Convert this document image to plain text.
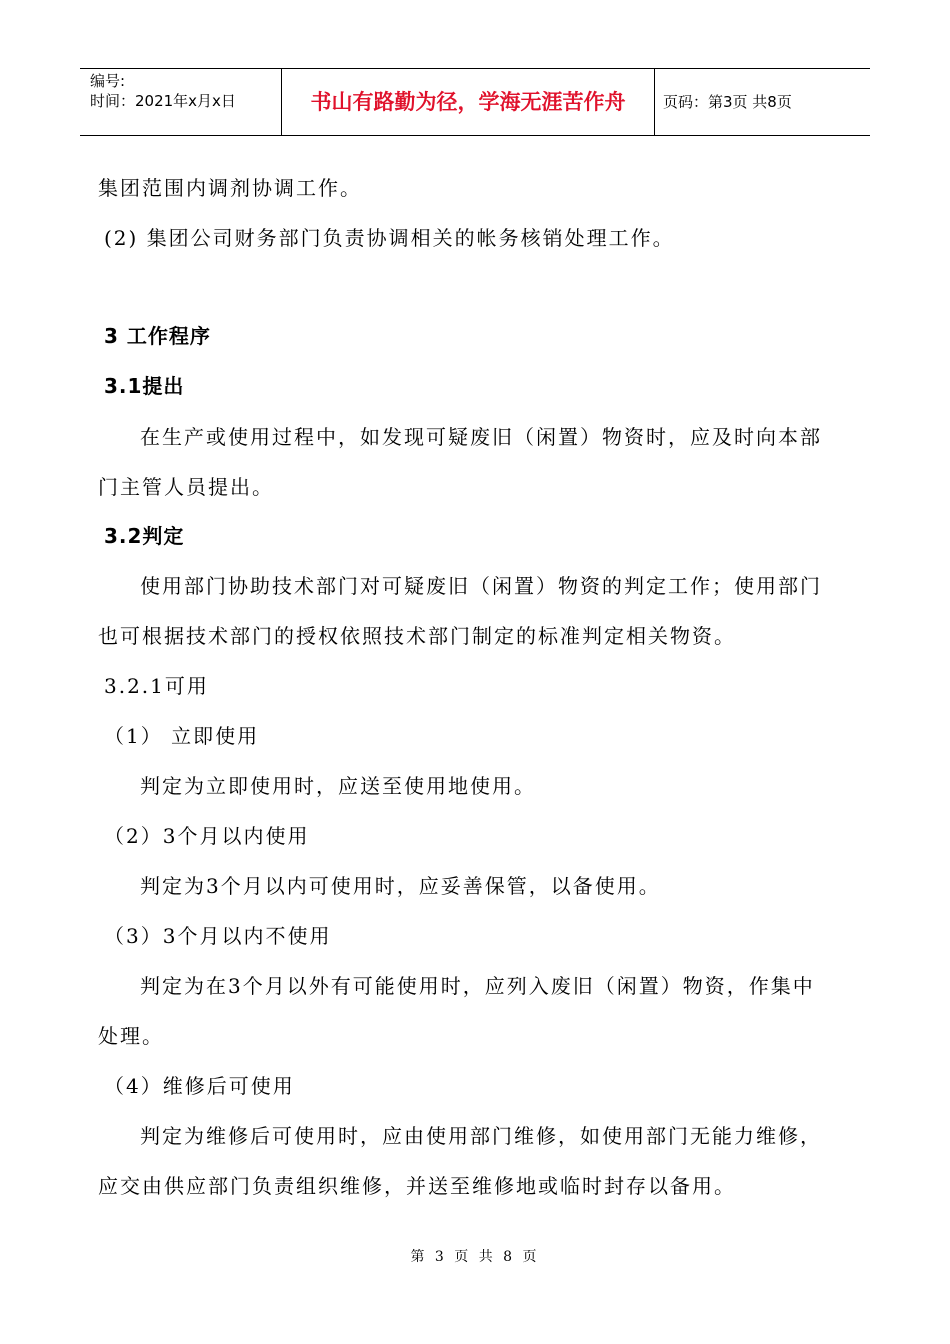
编号:
时间：2021年x月x日	书山有路勤为径，学海无涯苦作舟	页码：第3页 共8页
集团范围内调剂协调工作。
(2) 集团公司财务部门负责协调相关的帐务核销处理工作。
3 工作程序
3.1提出
在生产或使用过程中，如发现可疑废旧（闲置）物资时，应及时向本部
门主管人员提出。
3.2判定
使用部门协助技术部门对可疑废旧（闲置）物资的判定工作；使用部门
也可根据技术部门的授权依照技术部门制定的标准判定相关物资。
3.2.1可用
（1） 立即使用
判定为立即使用时，应送至使用地使用。
（2）3个月以内使用
判定为3个月以内可使用时，应妥善保管，以备使用。
（3）3个月以内不使用
判定为在3个月以外有可能使用时，应列入废旧（闲置）物资，作集中
处理。
（4）维修后可使用
判定为维修后可使用时，应由使用部门维修，如使用部门无能力维修，
应交由供应部门负责组织维修，并送至维修地或临时封存以备用。
第 3 页 共 8 页
